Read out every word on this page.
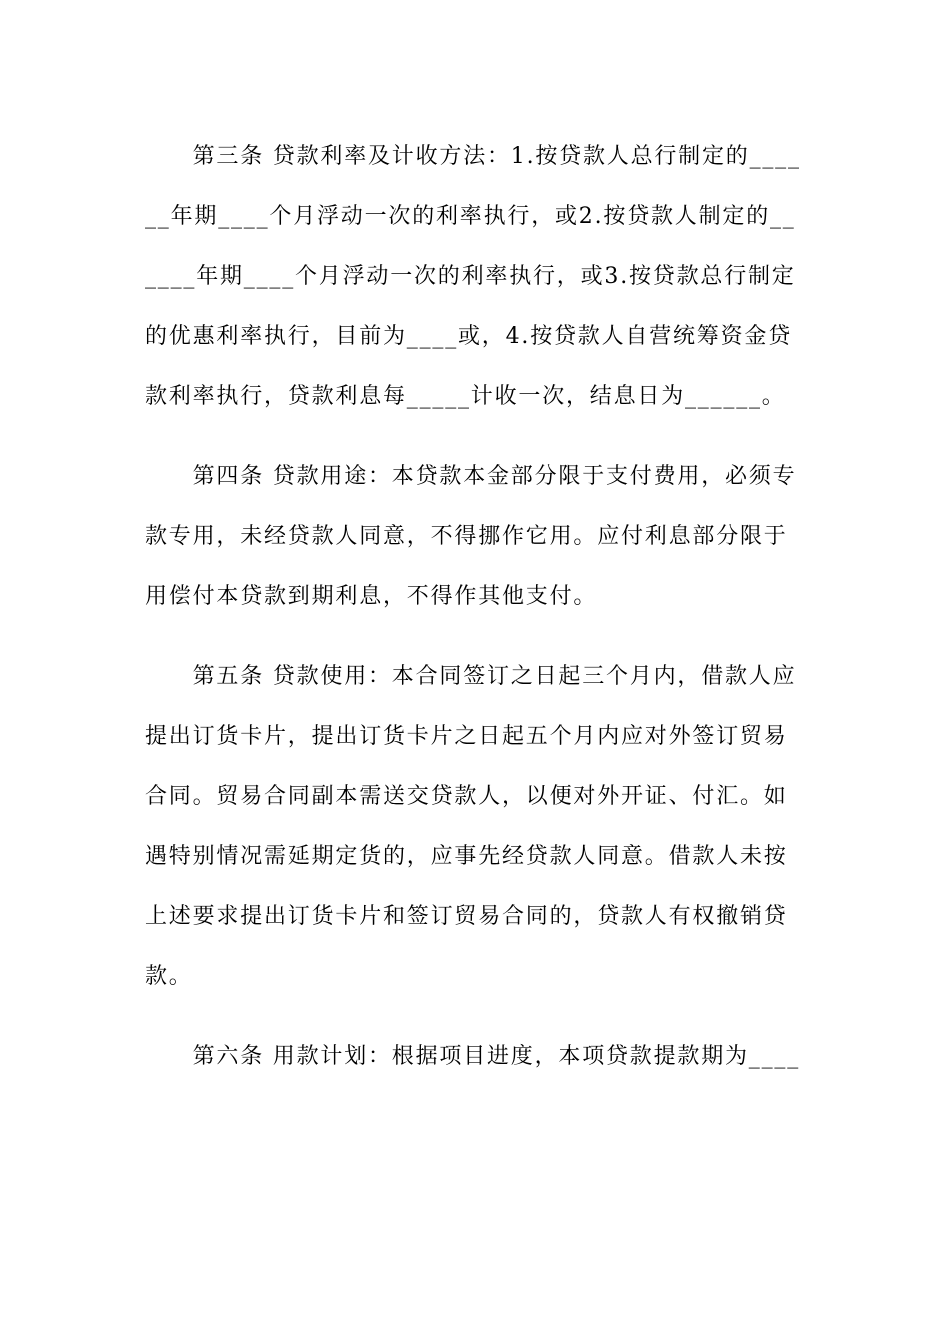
　　第三条 贷款利率及计收方法：1.按贷款人总行制定的____
__年期____个月浮动一次的利率执行，或2.按贷款人制定的__
____年期____个月浮动一次的利率执行，或3.按贷款总行制定
的优惠利率执行，目前为____或，4.按贷款人自营统筹资金贷
款利率执行，贷款利息每_____计收一次，结息日为______。
　　第四条 贷款用途：本贷款本金部分限于支付费用，必须专
款专用，未经贷款人同意，不得挪作它用。应付利息部分限于
用偿付本贷款到期利息，不得作其他支付。
　　第五条 贷款使用：本合同签订之日起三个月内，借款人应
提出订货卡片，提出订货卡片之日起五个月内应对外签订贸易
合同。贸易合同副本需送交贷款人，以便对外开证、付汇。如
遇特别情况需延期定货的，应事先经贷款人同意。借款人未按
上述要求提出订货卡片和签订贸易合同的，贷款人有权撤销贷
款。
　　第六条 用款计划：根据项目进度，本项贷款提款期为____
